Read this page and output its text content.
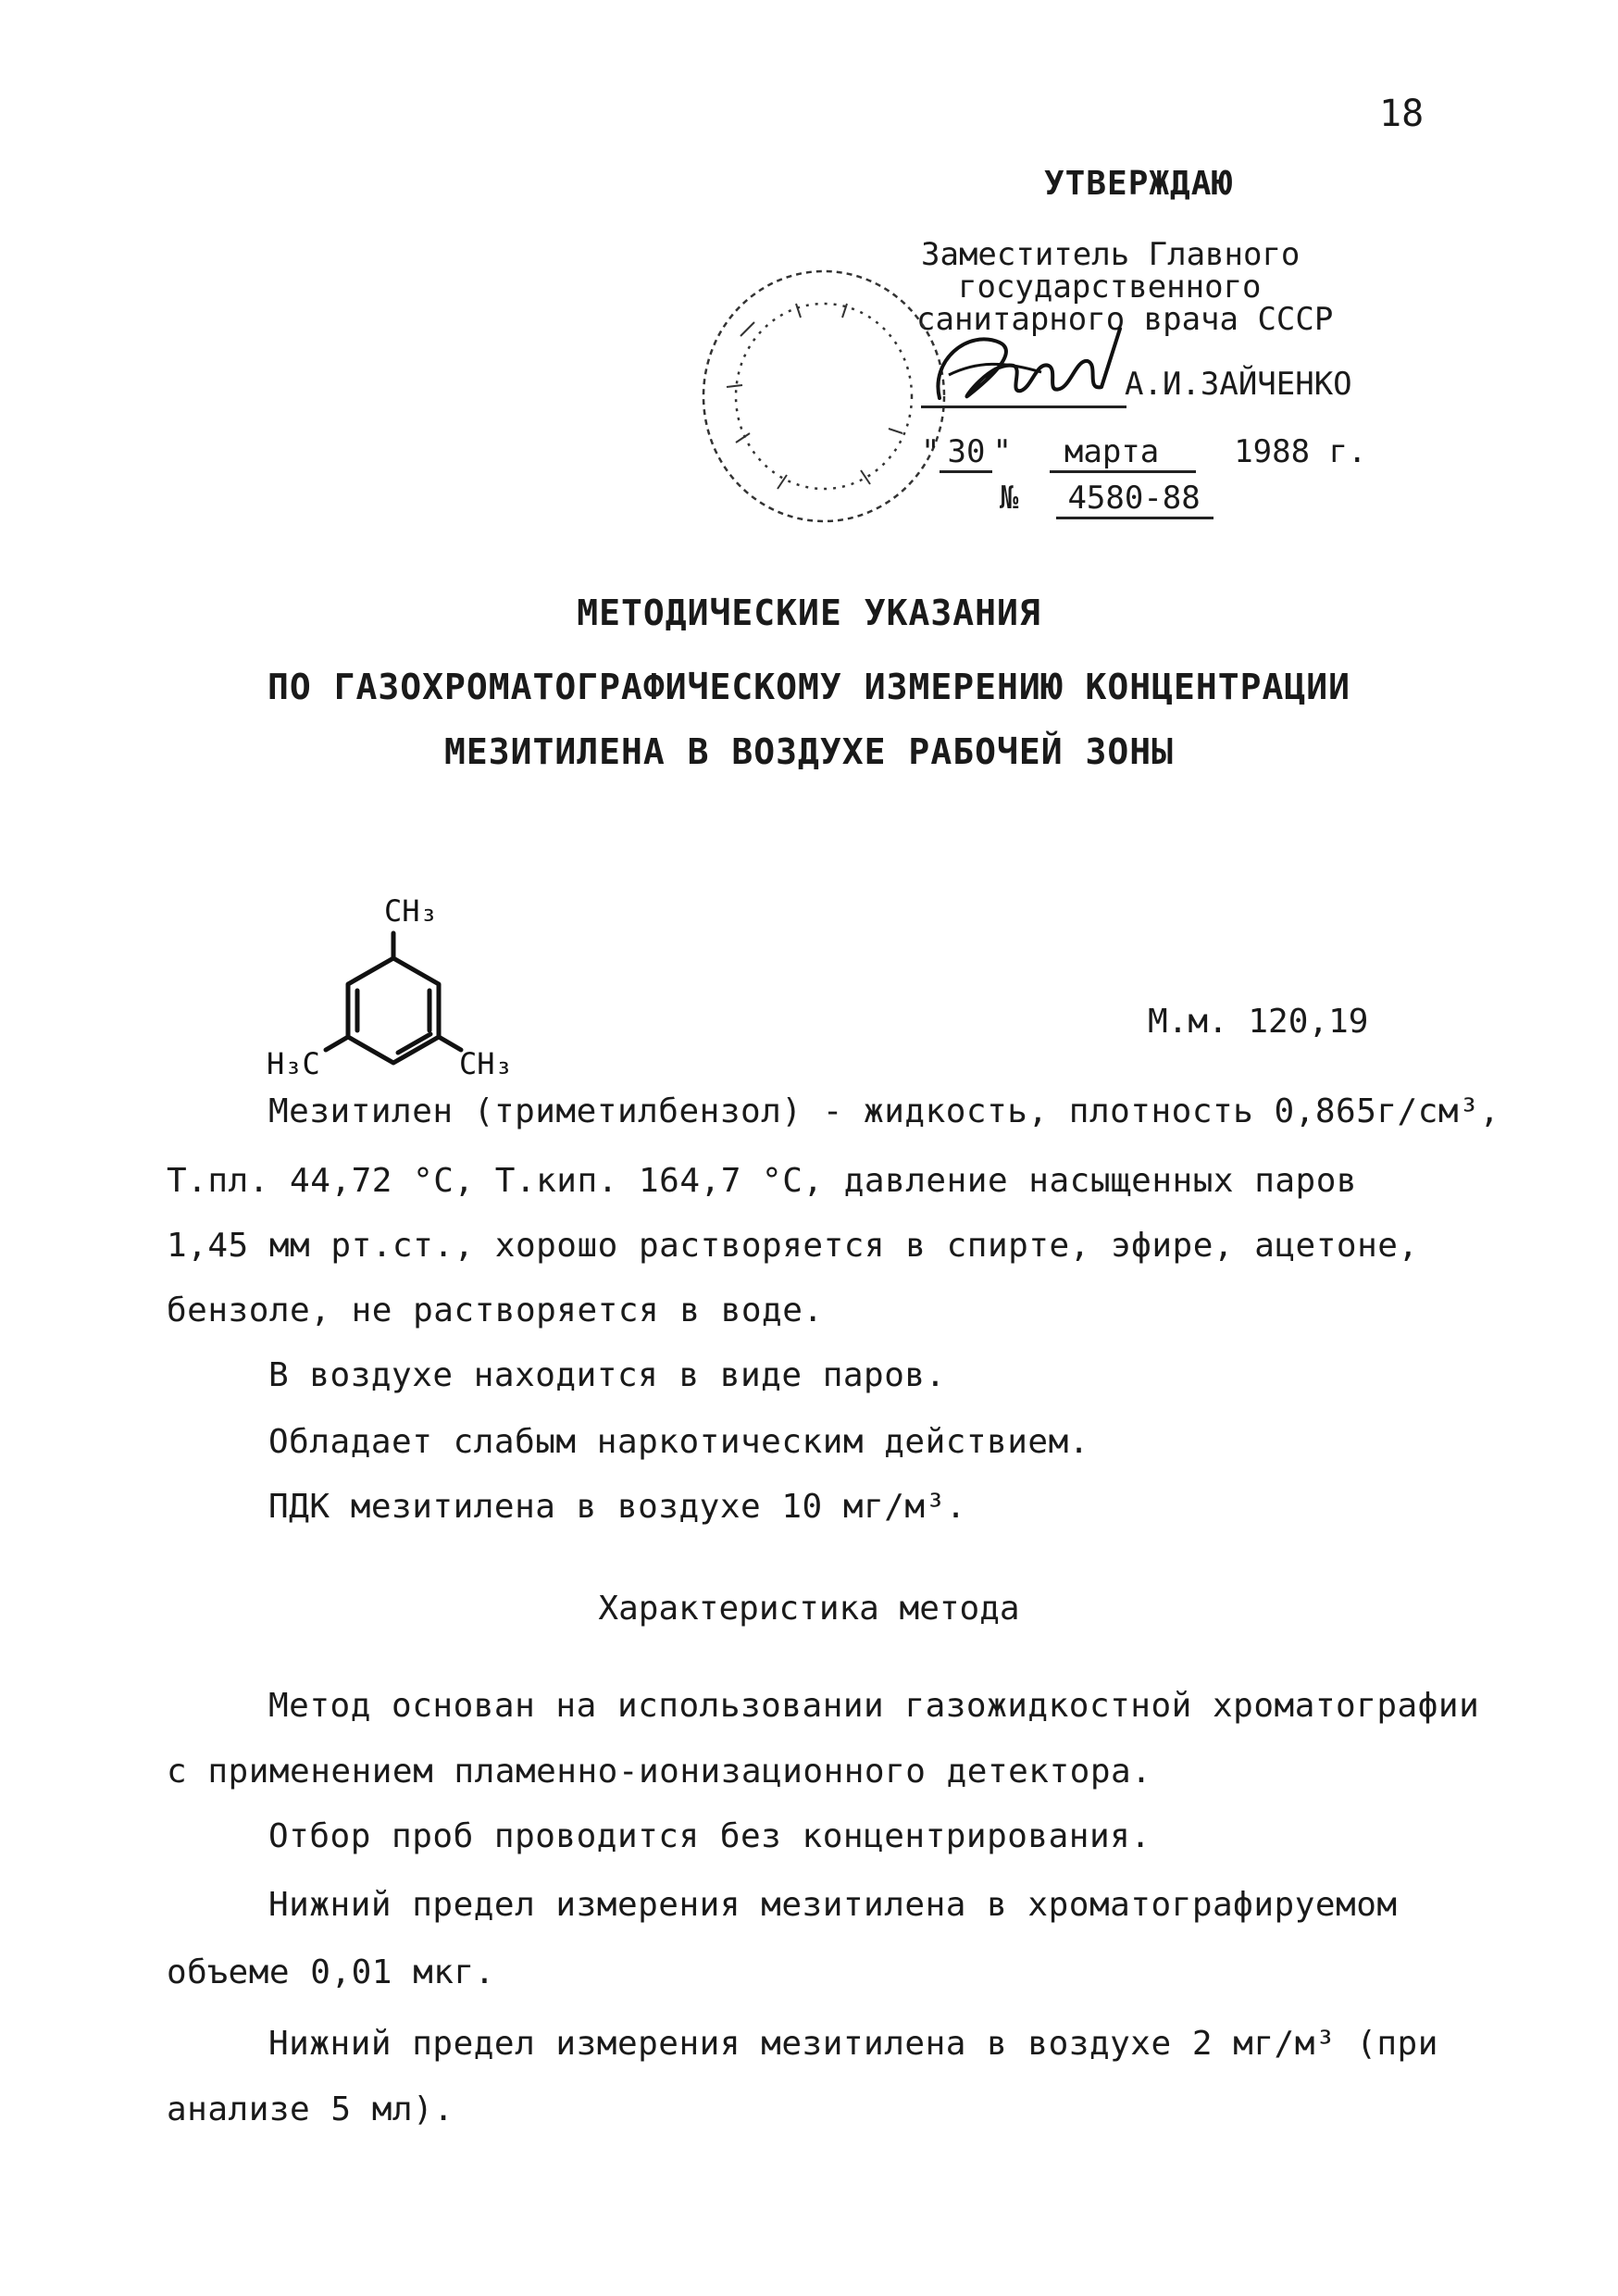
18
УТВЕРЖДАЮ
Заместитель Главного
государственного
санитарного врача СССР
А.И.ЗАЙЧЕНКО
" 30 " марта 1988 г.
№ 4580-88
МЕТОДИЧЕСКИЕ УКАЗАНИЯ
ПО ГАЗОХРОМАТОГРАФИЧЕСКОМУ ИЗМЕРЕНИЮ КОНЦЕНТРАЦИИ
МЕЗИТИЛЕНА В ВОЗДУХЕ РАБОЧЕЙ ЗОНЫ
CH₃
H₃C	CH₃
М.м. 120,19
Мезитилен (триметилбензол) - жидкость, плотность 0,865г/см³,
Т.пл. 44,72 °С, Т.кип. 164,7 °С, давление насыщенных паров
1,45 мм рт.ст., хорошо растворяется в спирте, эфире, ацетоне,
бензоле, не растворяется в воде.
В воздухе находится в виде паров.
Обладает слабым наркотическим действием.
ПДК мезитилена в воздухе 10 мг/м³.
Характеристика метода
Метод основан на использовании газожидкостной хроматографии
с применением пламенно-ионизационного детектора.
Отбор проб проводится без концентрирования.
Нижний предел измерения мезитилена в хроматографируемом
объеме 0,01 мкг.
Нижний предел измерения мезитилена в воздухе 2 мг/м³ (при
анализе 5 мл).
